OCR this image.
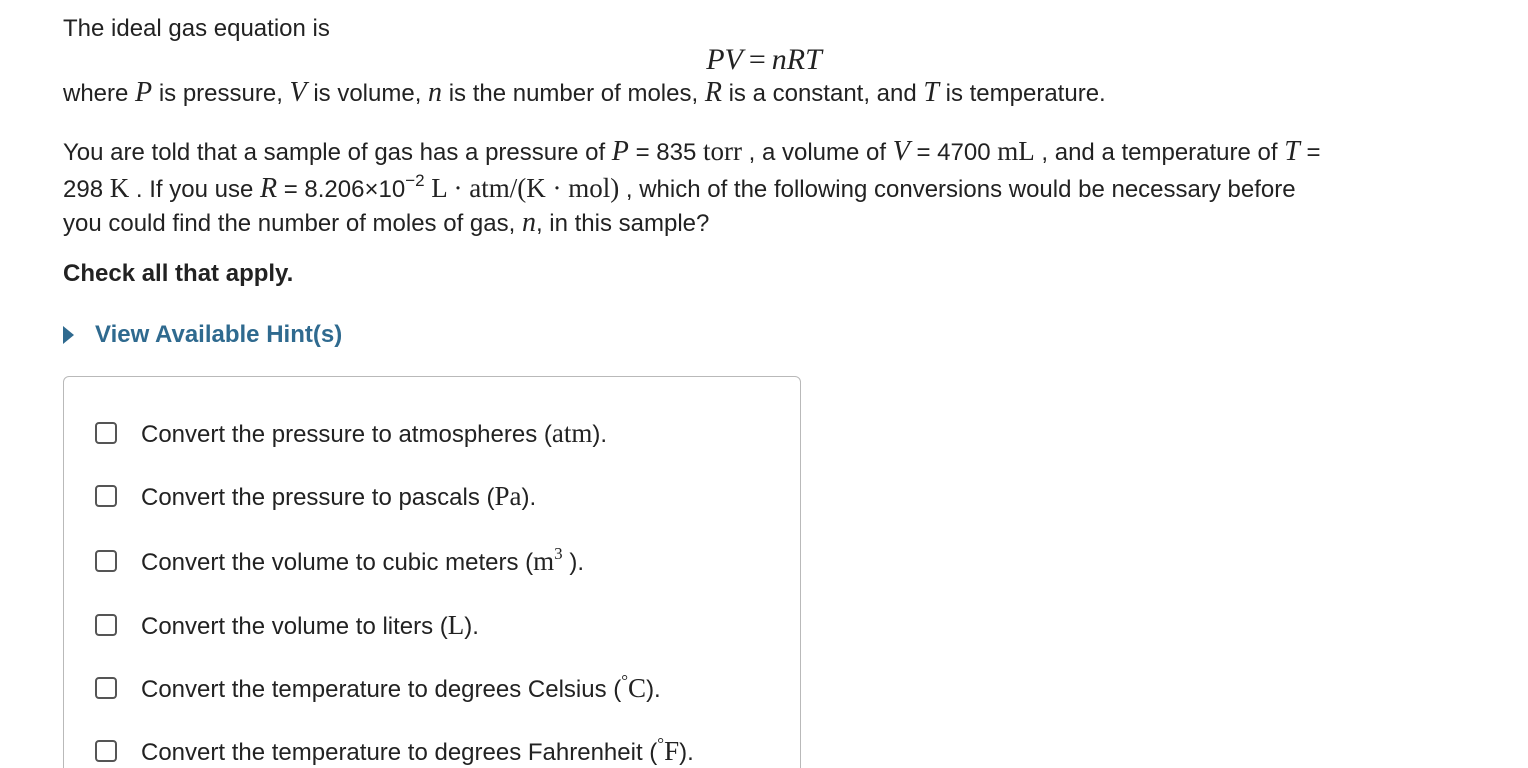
The ideal gas equation is
PV = nRT
where P is pressure, V is volume, n is the number of moles, R is a constant, and T is temperature.
You are told that a sample of gas has a pressure of P = 835 torr , a volume of V = 4700 mL , and a temperature of T =
298 K . If you use $R = 8.206\times 10^{-2}$ L · atm/(K · mol) , which of the following conversions would be necessary before
you could find the number of moles of gas, n, in this sample?
Check all that apply.
View Available Hint(s)
Convert the pressure to atmospheres (atm).
Convert the pressure to pascals (Pa).
Convert the volume to cubic meters ($m^3$ ).
Convert the volume to liters (L).
Convert the temperature to degrees Celsius (°C).
Convert the temperature to degrees Fahrenheit (°F).
